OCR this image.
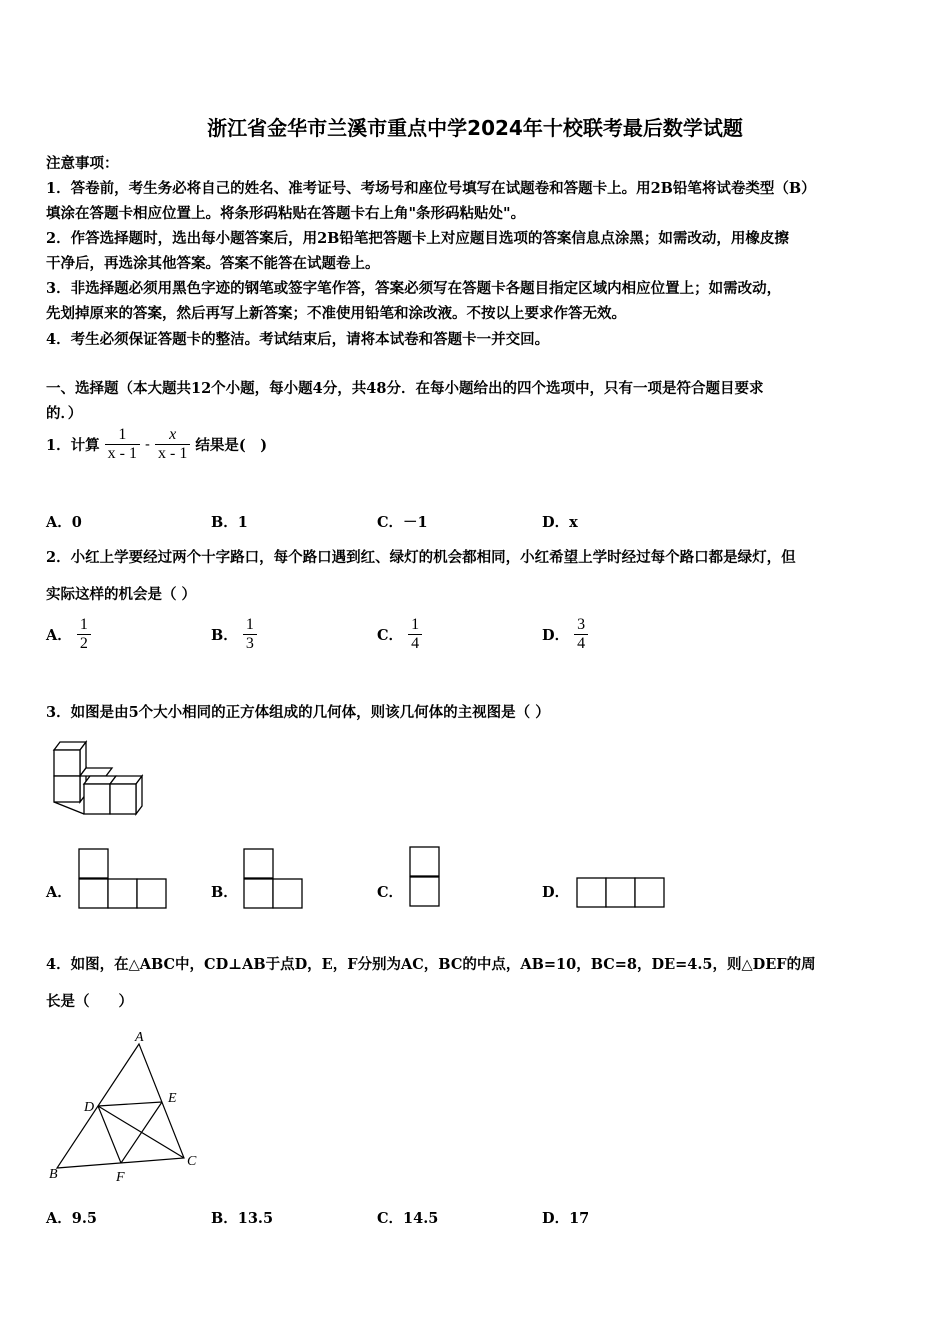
浙江省金华市兰溪市重点中学2024年十校联考最后数学试题
注意事项：
1．答卷前，考生务必将自己的姓名、准考证号、考场号和座位号填写在试题卷和答题卡上。用2B铅笔将试卷类型（B）
填涂在答题卡相应位置上。将条形码粘贴在答题卡右上角"条形码粘贴处"。
2．作答选择题时，选出每小题答案后，用2B铅笔把答题卡上对应题目选项的答案信息点涂黑；如需改动，用橡皮擦
干净后，再选涂其他答案。答案不能答在试题卷上。
3．非选择题必须用黑色字迹的钢笔或签字笔作答，答案必须写在答题卡各题目指定区域内相应位置上；如需改动，
先划掉原来的答案，然后再写上新答案；不准使用铅笔和涂改液。不按以上要求作答无效。
4．考生必须保证答题卡的整洁。考试结束后，请将本试卷和答题卡一并交回。
一、选择题（本大题共12个小题，每小题4分，共48分．在每小题给出的四个选项中，只有一项是符合题目要求
的．）
1．计算 $\frac{1}{x - 1} - \frac{x}{x - 1}$ 结果是(　)
A．0	B．1	C．－1	D．x
2．小红上学要经过两个十字路口，每个路口遇到红、绿灯的机会都相同，小红希望上学时经过每个路口都是绿灯，但
实际这样的机会是（ ）
A． $\frac{1}{2}$	B． $\frac{1}{3}$	C． $\frac{1}{4}$	D． $\frac{3}{4}$
3．如图是由5个大小相同的正方体组成的几何体，则该几何体的主视图是（ ）
A．	B．	C．	D．
4．如图，在△ABC中，CD⊥AB于点D，E，F分别为AC，BC的中点，AB=10，BC=8，DE=4.5，则△DEF的周
长是（　　）
A
D
E
B	F
C
A．9.5	B．13.5	C．14.5	D．17
